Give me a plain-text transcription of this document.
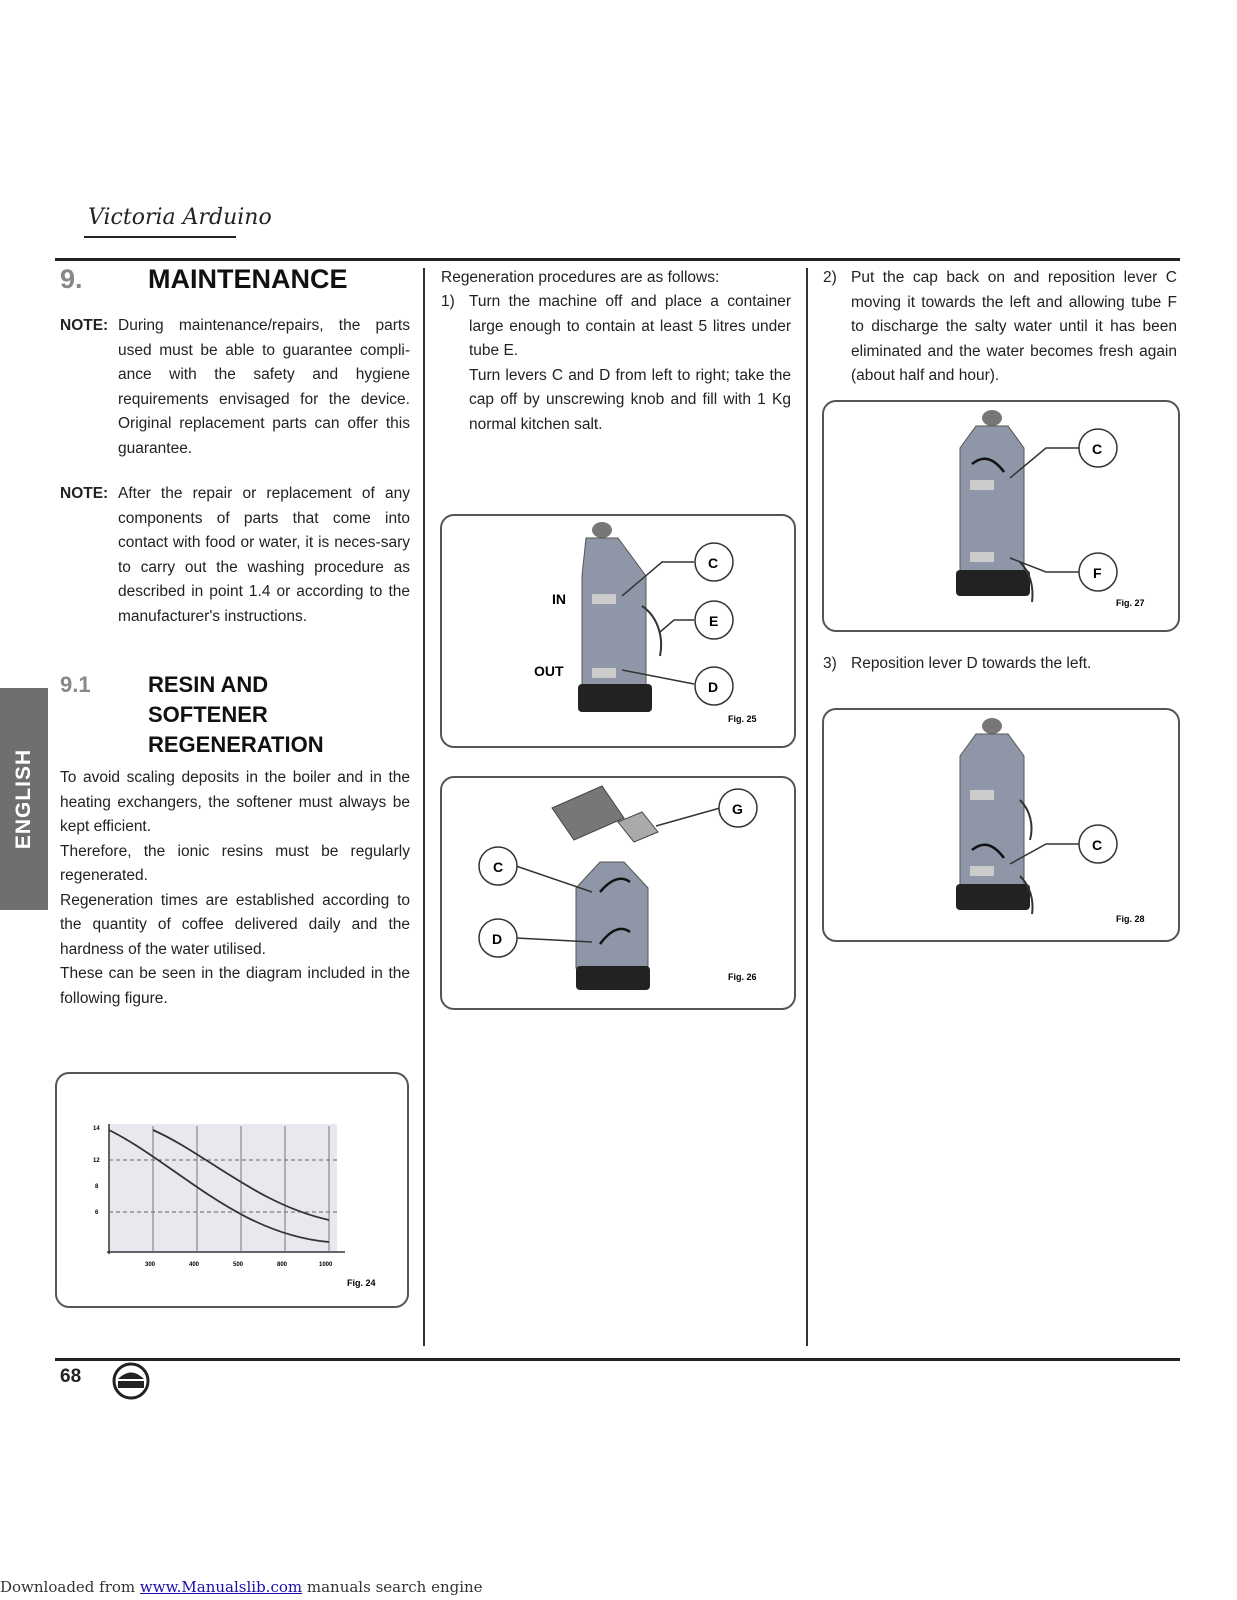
Victoria Arduino
ENGLISH
9. MAINTENANCE
NOTE: During maintenance/repairs, the parts used must be able to guarantee compli-ance with the safety and hygiene requirements envisaged for the device. Original replacement parts can offer this guarantee.
NOTE: After the repair or replacement of any components of parts that come into contact with food or water, it is neces-sary to carry out the washing procedure as described in point 1.4 or according to the manufacturer's instructions.
9.1	RESIN AND
SOFTENER
REGENERATION

To avoid scaling deposits in the boiler and in the heating exchangers, the softener must always be kept efficient.

Therefore, the ionic resins must be regularly regenerated.

Regeneration times are established according to the quantity of coffee delivered daily and the hardness of the water utilised.

These can be seen in the diagram included in the following figure.

14
12
8
6
300	400	500	800	1000
Fig. 24
Regeneration procedures are as follows:
1) Turn the machine off and place a container large enough to contain at least 5 litres under tube E.

Turn levers C and D from left to right; take the cap off by unscrewing knob and fill with 1 Kg normal kitchen salt.

IN
OUT
C
E
D
Fig. 25
G
C
D
Fig. 26
2) Put the cap back on and reposition lever C moving it towards the left and allowing tube F to discharge the salty water until it has been eliminated and the water becomes fresh again (about half and hour).

C
F
Fig. 27
3) Reposition lever D towards the left.

C
Fig. 28
68
Downloaded from www.Manualslib.com manuals search engine
